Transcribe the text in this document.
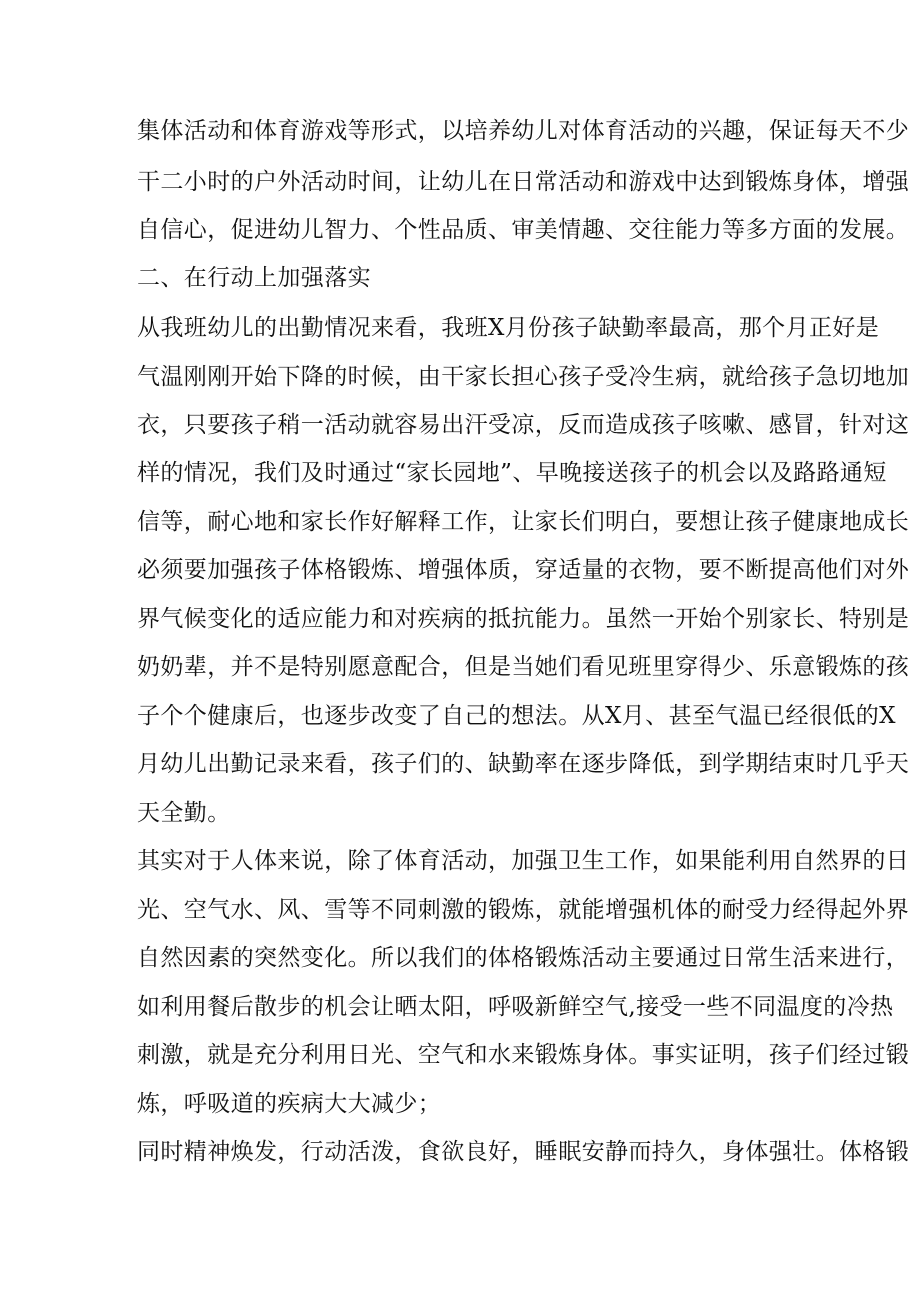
集体活动和体育游戏等形式，以培养幼儿对体育活动的兴趣，保证每天不少
干二小时的户外活动时间，让幼儿在日常活动和游戏中达到锻炼身体，增强
自信心，促进幼儿智力、个性品质、审美情趣、交往能力等多方面的发展。
二、在行动上加强落实
从我班幼儿的出勤情况来看，我班X月份孩子缺勤率最高，那个月正好是
气温刚刚开始下降的时候，由干家长担心孩子受冷生病，就给孩子急切地加
衣，只要孩子稍一活动就容易出汗受凉，反而造成孩子咳嗽、感冒，针对这
样的情况，我们及时通过“家长园地”、早晚接送孩子的机会以及路路通短
信等，耐心地和家长作好解释工作，让家长们明白，要想让孩子健康地成长
必须要加强孩子体格锻炼、增强体质，穿适量的衣物，要不断提高他们对外
界气候变化的适应能力和对疾病的抵抗能力。虽然一开始个别家长、特别是
奶奶辈，并不是特别愿意配合，但是当她们看见班里穿得少、乐意锻炼的孩
子个个健康后，也逐步改变了自己的想法。从X月、甚至气温已经很低的X
月幼儿出勤记录来看，孩子们的、缺勤率在逐步降低，到学期结束时几乎天
天全勤。
其实对于人体来说，除了体育活动，加强卫生工作，如果能利用自然界的日
光、空气水、风、雪等不同刺激的锻炼，就能增强机体的耐受力经得起外界
自然因素的突然变化。所以我们的体格锻炼活动主要通过日常生活来进行，
如利用餐后散步的机会让晒太阳，呼吸新鲜空气,接受一些不同温度的冷热
刺激，就是充分利用日光、空气和水来锻炼身体。事实证明，孩子们经过锻
炼，呼吸道的疾病大大减少；
同时精神焕发，行动活泼，食欲良好，睡眠安静而持久，身体强壮。体格锻
